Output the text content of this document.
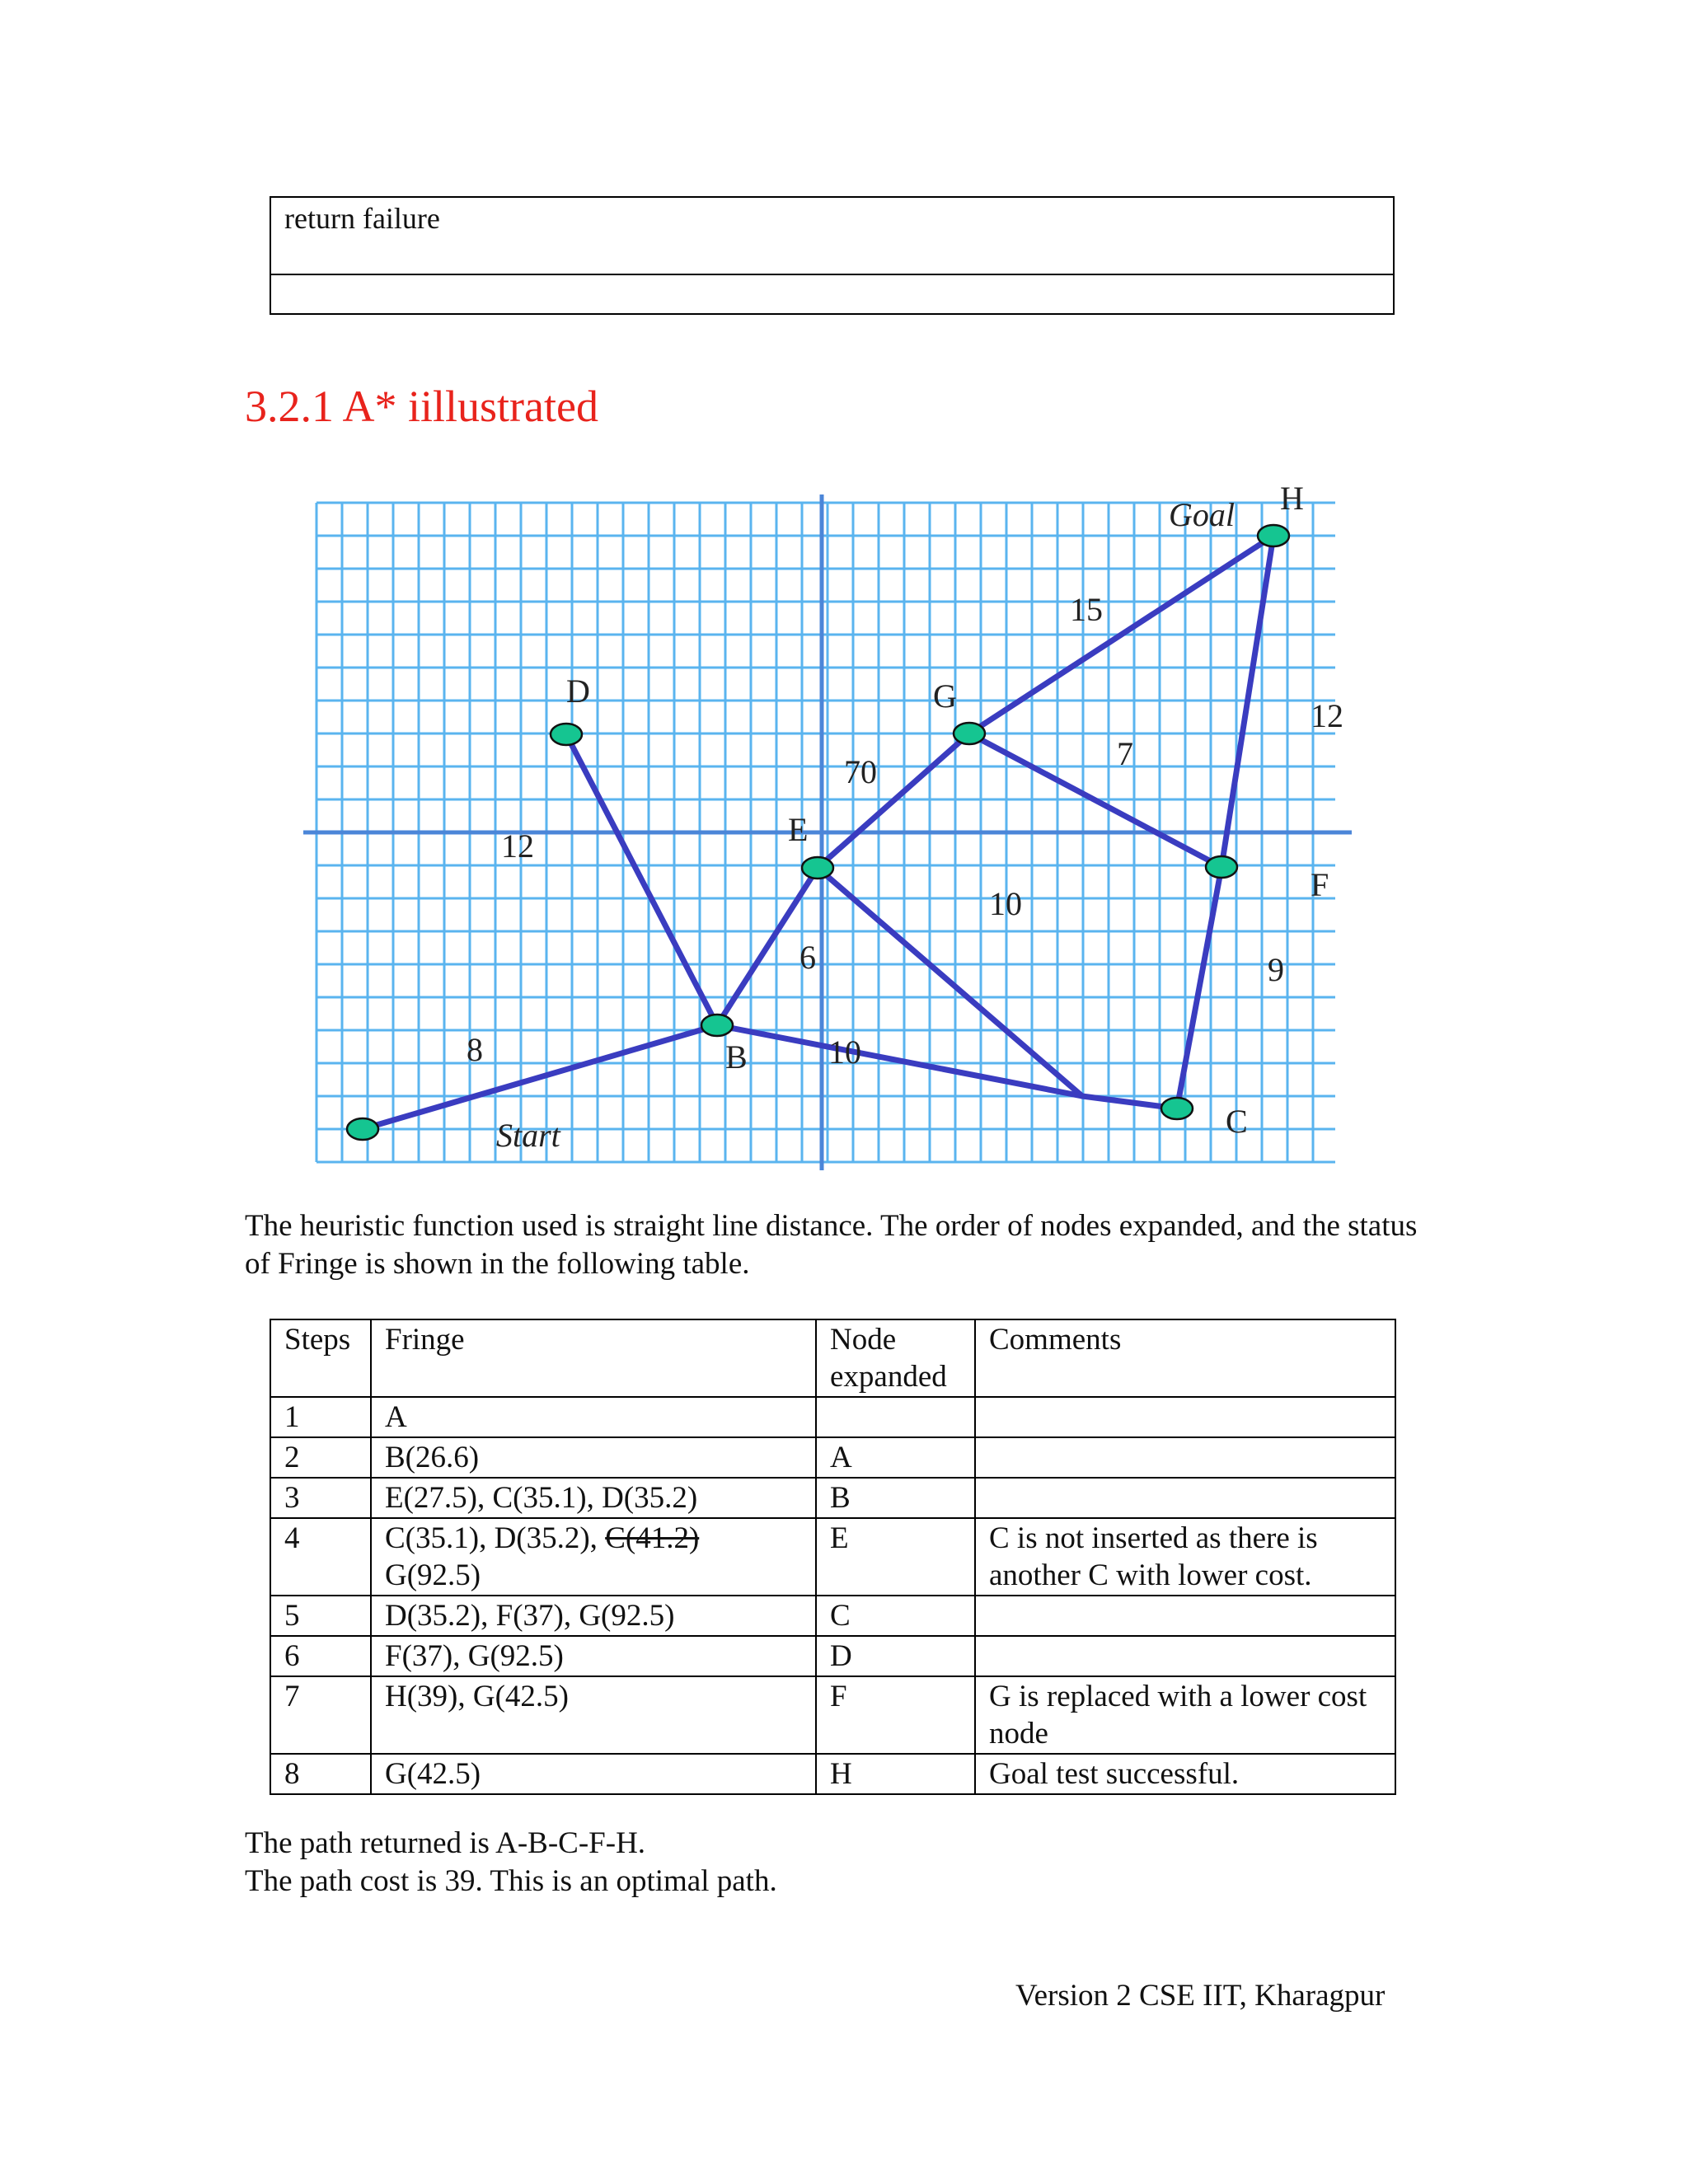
return failure

3.2.1 A* iillustrated
Goal H
D	G
E
F
B
C
Start
8
12
6
10
70
10
15
7
12
9
The heuristic function used is straight line distance. The order of nodes expanded, and the status of Fringe is shown in the following table.
Steps	Fringe	Node expanded	Comments
1	A		
2	B(26.6)	A	
3	E(27.5), C(35.1), D(35.2)	B	
4	C(35.1), D(35.2), C(41.2) G(92.5)	E	C is not inserted as there is another C with lower cost.
5	D(35.2), F(37), G(92.5)	C	
6	F(37), G(92.5)	D	
7	H(39), G(42.5)	F	G is replaced with a lower cost node
8	G(42.5)	H	Goal test successful.
The path returned is A-B-C-F-H.
The path cost is 39. This is an optimal path.
Version 2 CSE IIT, Kharagpur
